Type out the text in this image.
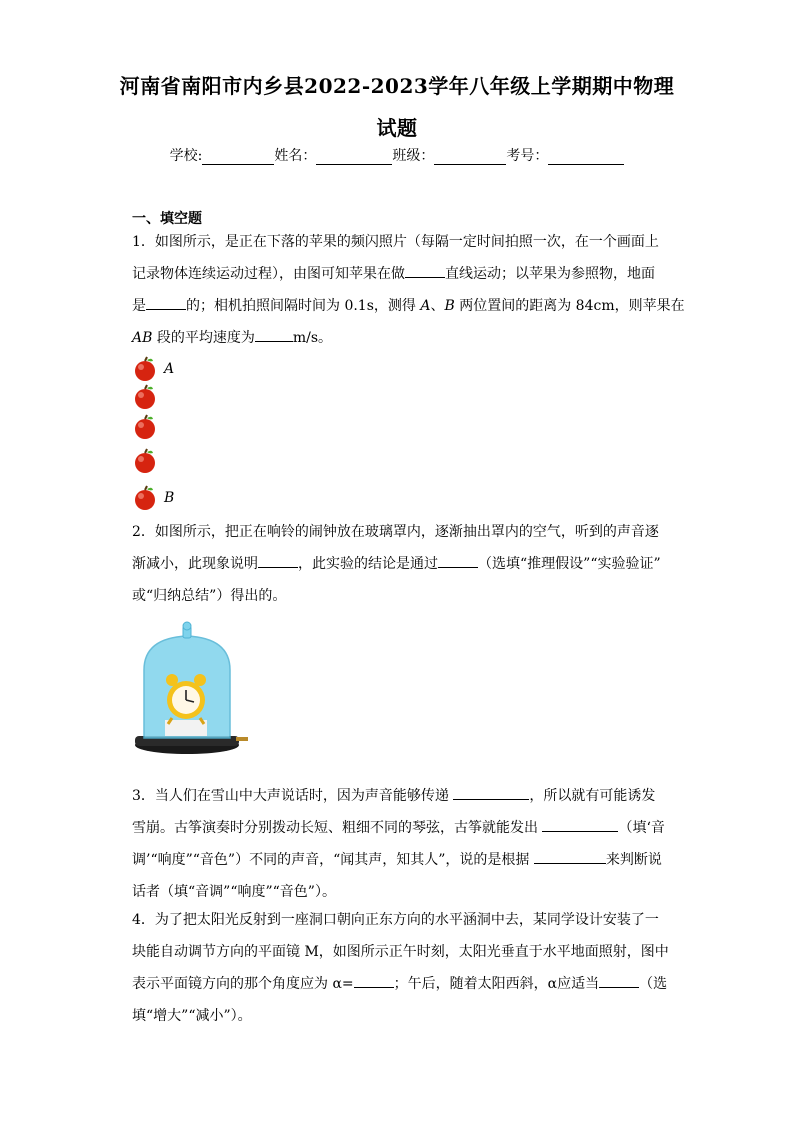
河南省南阳市内乡县2022-2023学年八年级上学期期中物理
试题
学校:	姓名：	班级：	考号：
一、填空题
1．如图所示，是正在下落的苹果的频闪照片（每隔一定时间拍照一次，在一个画面上
记录物体连续运动过程），由图可知苹果在做	直线运动；以苹果为参照物，地面
是	的；相机拍照间隔时间为 0.1s，测得 A、B 两位置间的距离为 84cm，则苹果在
AB 段的平均速度为	m/s。
A
B
2．如图所示，把正在响铃的闹钟放在玻璃罩内，逐渐抽出罩内的空气，听到的声音逐
渐减小，此现象说明	，此实验的结论是通过	（选填“推理假设”“实验验证”
或“归纳总结”）得出的。
3．当人们在雪山中大声说话时，因为声音能够传递	，所以就有可能诱发
雪崩。古筝演奏时分别拨动长短、粗细不同的琴弦，古筝就能发出	（填‘音
调’“响度”“音色”）不同的声音，“闻其声，知其人”，说的是根据	来判断说
话者（填“音调”“响度”“音色”）。
4．为了把太阳光反射到一座洞口朝向正东方向的水平涵洞中去，某同学设计安装了一
块能自动调节方向的平面镜 M，如图所示正午时刻，太阳光垂直于水平地面照射，图中
表示平面镜方向的那个角度应为 α=	；午后，随着太阳西斜，α应适当	（选
填“增大”“减小”）。
